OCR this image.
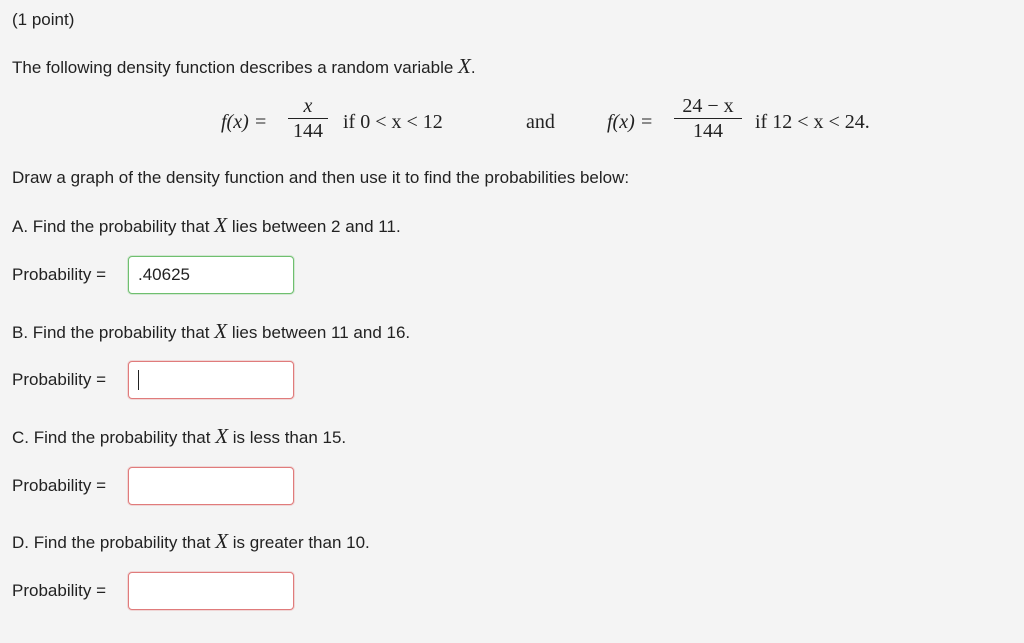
(1 point)
The following density function describes a random variable X.
f(x) =
x
144 if 0 < x < 12	and	f(x) =
24 − x
144	if 12 < x < 24.
Draw a graph of the density function and then use it to find the probabilities below:
A. Find the probability that X lies between 2 and 11.
Probability = .40625
B. Find the probability that X lies between 11 and 16.
Probability =
C. Find the probability that X is less than 15.
Probability =
D. Find the probability that X is greater than 10.
Probability =
